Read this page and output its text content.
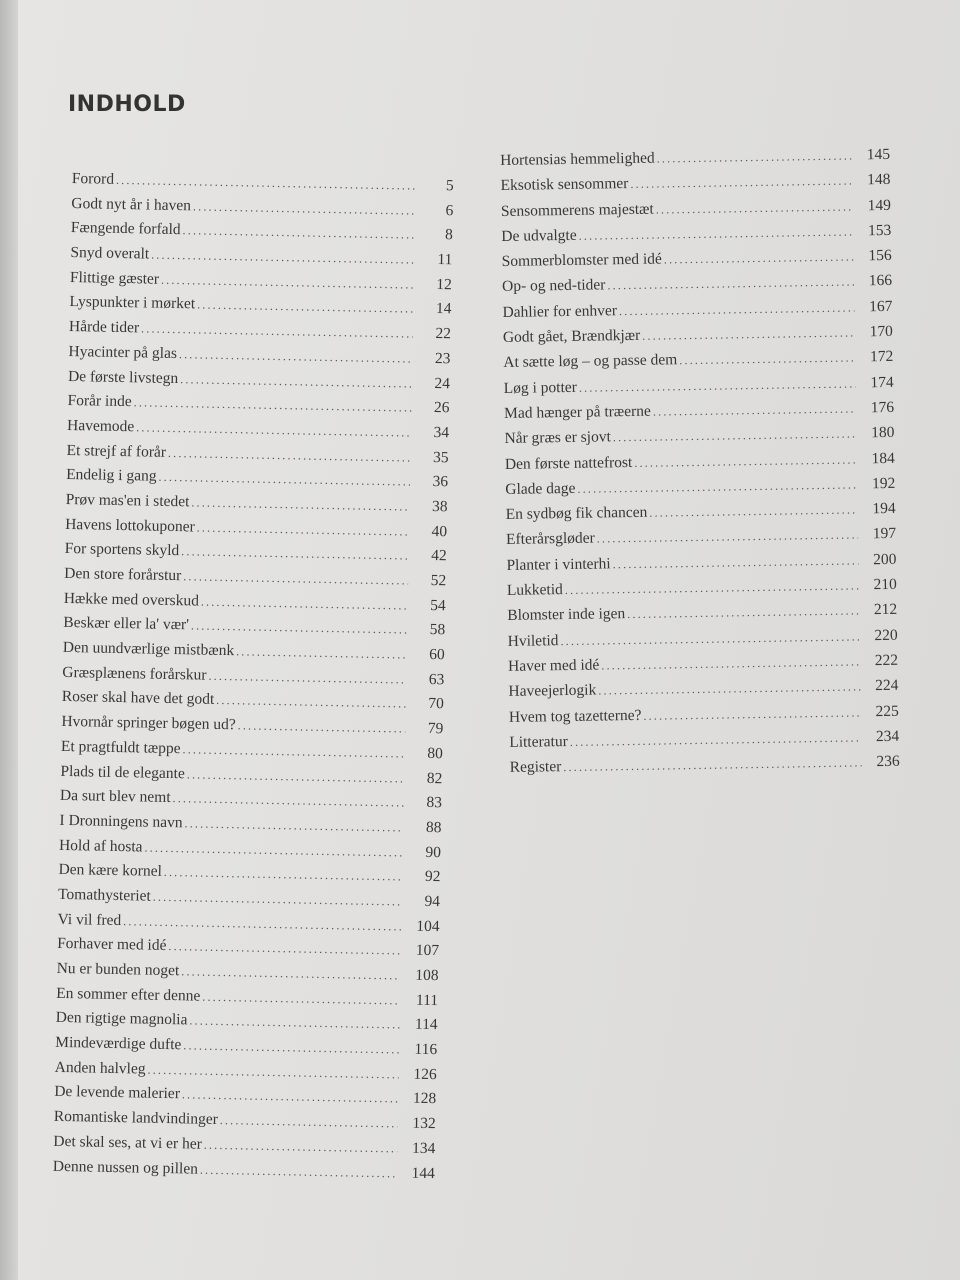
INDHOLD
Forord .....	5
Godt nyt år i haven .....	6
Fængende forfald .....	8
Snyd overalt .....	11
Flittige gæster .....	12
Lyspunkter i mørket .....	14
Hårde tider .....	22
Hyacinter på glas .....	23
De første livstegn .....	24
Forår inde .....	26
Havemode .....	34
Et strejf af forår .....	35
Endelig i gang .....	36
Prøv mas'en i stedet .....	38
Havens lottokuponer .....	40
For sportens skyld .....	42
Den store forårstur .....	52
Hække med overskud .....	54
Beskær eller la' vær' .....	58
Den uundværlige mistbænk .....	60
Græsplænens forårskur .....	63
Roser skal have det godt .....	70
Hvornår springer bøgen ud? .....	79
Et pragtfuldt tæppe .....	80
Plads til de elegante .....	82
Da surt blev nemt .....	83
I Dronningens navn .....	88
Hold af hosta .....	90
Den kære kornel .....	92
Tomathysteriet .....	94
Vi vil fred .....	104
Forhaver med idé .....	107
Nu er bunden noget .....	108
En sommer efter denne .....	111
Den rigtige magnolia .....	114
Mindeværdige dufte .....	116
Anden halvleg .....	126
De levende malerier .....	128
Romantiske landvindinger .....	132
Det skal ses, at vi er her .....	134
Denne nussen og pillen .....	144
Hortensias hemmelighed .....	145
Eksotisk sensommer .....	148
Sensommerens majestæt .....	149
De udvalgte .....	153
Sommerblomster med idé .....	156
Op- og ned-tider .....	166
Dahlier for enhver .....	167
Godt gået, Brændkjær .....	170
At sætte løg – og passe dem .....	172
Løg i potter .....	174
Mad hænger på træerne .....	176
Når græs er sjovt .....	180
Den første nattefrost .....	184
Glade dage .....	192
En sydbøg fik chancen .....	194
Efterårsgløder .....	197
Planter i vinterhi .....	200
Lukketid .....	210
Blomster inde igen .....	212
Hviletid .....	220
Haver med idé .....	222
Haveejerlogik .....	224
Hvem tog tazetterne? .....	225
Litteratur .....	234
Register .....	236
